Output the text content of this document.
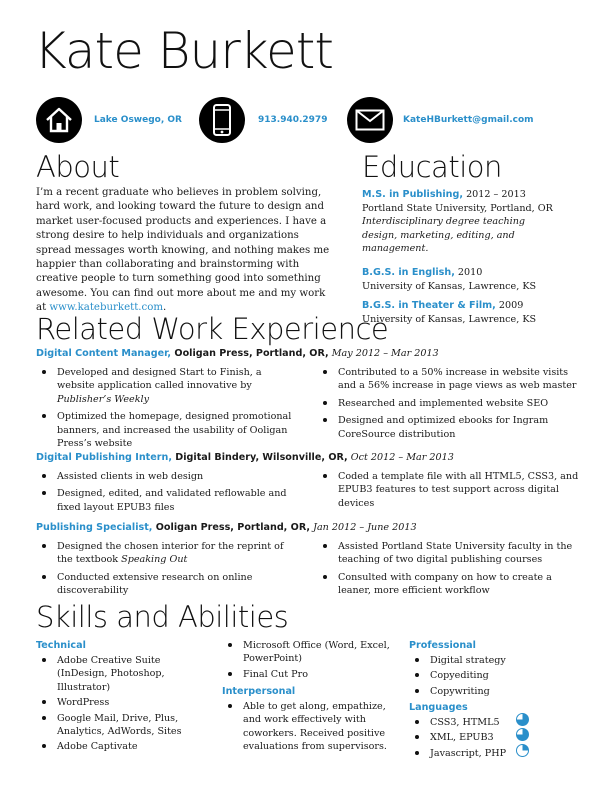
Kate Burkett
Lake Oswego, OR	913.940.2979	KateHBurkett@gmail.com
About
I’m a recent graduate who believes in problem solving, hard work, and looking toward the future to design and market user-focused products and experiences. I have a strong desire to help individuals and organizations spread messages worth knowing, and nothing makes me happier than collaborating and brainstorming with creative people to turn something good into something awesome. You can find out more about me and my work at www.kateburkett.com.
Education
M.S. in Publishing, 2012 – 2013
Portland State University, Portland, OR
Interdisciplinary degree teaching design, marketing, editing, and management.
B.G.S. in English, 2010
University of Kansas, Lawrence, KS
B.G.S. in Theater & Film, 2009
University of Kansas, Lawrence, KS
Related Work Experience
Digital Content Manager, Ooligan Press, Portland, OR, May 2012 – Mar 2013
Developed and designed Start to Finish, a website application called innovative by Publisher’s Weekly
Optimized the homepage, designed promotional banners, and increased the usability of Ooligan Press’s website
Contributed to a 50% increase in website visits and a 56% increase in page views as web master
Researched and implemented website SEO
Designed and optimized ebooks for Ingram CoreSource distribution
Digital Publishing Intern, Digital Bindery, Wilsonville, OR, Oct 2012 – Mar 2013
Assisted clients in web design
Designed, edited, and validated reflowable and fixed layout EPUB3 files
Coded a template file with all HTML5, CSS3, and EPUB3 features to test support across digital devices
Publishing Specialist, Ooligan Press, Portland, OR, Jan 2012 – June 2013
Designed the chosen interior for the reprint of the textbook Speaking Out
Conducted extensive research on online discoverability
Assisted Portland State University faculty in the teaching of two digital publishing courses
Consulted with company on how to create a leaner, more efficient workflow
Skills and Abilities
Technical
Adobe Creative Suite (InDesign, Photoshop, Illustrator)
WordPress
Google Mail, Drive, Plus, Analytics, AdWords, Sites
Adobe Captivate
Microsoft Office (Word, Excel, PowerPoint)
Final Cut Pro
Interpersonal
Able to get along, empathize, and work effectively with coworkers. Received positive evaluations from supervisors.
Professional
Digital strategy
Copyediting
Copywriting
Languages
CSS3, HTML5
XML, EPUB3
Javascript, PHP
